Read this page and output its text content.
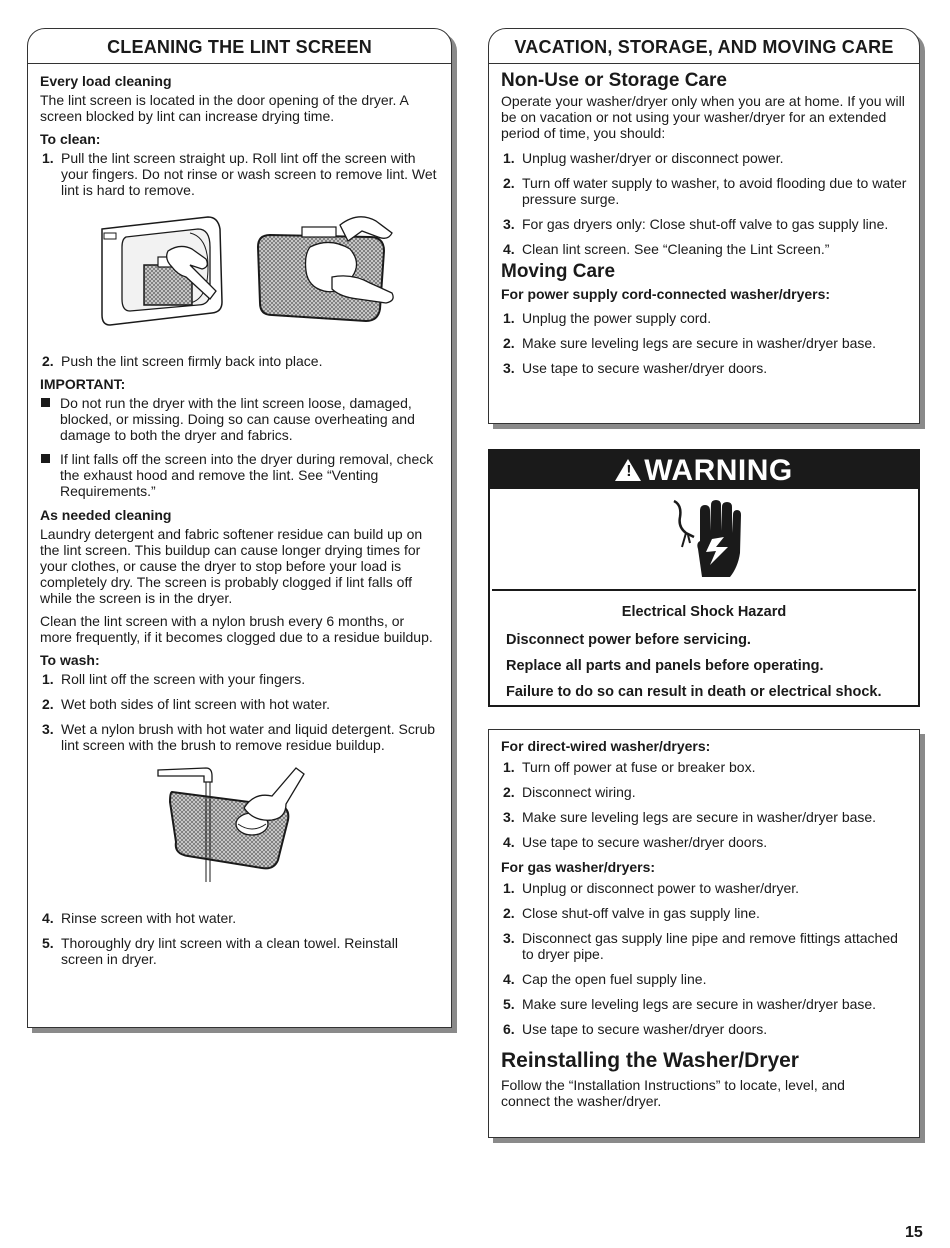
CLEANING THE LINT SCREEN
Every load cleaning

The lint screen is located in the door opening of the dryer. A screen blocked by lint can increase drying time.

To clean:
1. Pull the lint screen straight up. Roll lint off the screen with your fingers. Do not rinse or wash screen to remove lint. Wet lint is hard to remove.
2. Push the lint screen firmly back into place.
IMPORTANT:
Do not run the dryer with the lint screen loose, damaged, blocked, or missing. Doing so can cause overheating and damage to both the dryer and fabrics.
If lint falls off the screen into the dryer during removal, check the exhaust hood and remove the lint. See “Venting Requirements.”
As needed cleaning

Laundry detergent and fabric softener residue can build up on the lint screen. This buildup can cause longer drying times for your clothes, or cause the dryer to stop before your load is completely dry. The screen is probably clogged if lint falls off while the screen is in the dryer.

Clean the lint screen with a nylon brush every 6 months, or more frequently, if it becomes clogged due to a residue buildup.

To wash:
1. Roll lint off the screen with your fingers.
2. Wet both sides of lint screen with hot water.
3. Wet a nylon brush with hot water and liquid detergent. Scrub lint screen with the brush to remove residue buildup.
4. Rinse screen with hot water.
5. Thoroughly dry lint screen with a clean towel. Reinstall screen in dryer.
VACATION, STORAGE, AND MOVING CARE
Non-Use or Storage Care

Operate your washer/dryer only when you are at home. If you will be on vacation or not using your washer/dryer for an extended period of time, you should:

1. Unplug washer/dryer or disconnect power.
2. Turn off water supply to washer, to avoid flooding due to water pressure surge.
3. For gas dryers only: Close shut-off valve to gas supply line.
4. Clean lint screen. See “Cleaning the Lint Screen.”
Moving Care
For power supply cord-connected washer/dryers:
1. Unplug the power supply cord.
2. Make sure leveling legs are secure in washer/dryer base.
3. Use tape to secure washer/dryer doors.
! WARNING
Electrical Shock Hazard
Disconnect power before servicing.
Replace all parts and panels before operating.
Failure to do so can result in death or electrical shock.
For direct-wired washer/dryers:
1. Turn off power at fuse or breaker box.
2. Disconnect wiring.
3. Make sure leveling legs are secure in washer/dryer base.
4. Use tape to secure washer/dryer doors.
For gas washer/dryers:
1. Unplug or disconnect power to washer/dryer.
2. Close shut-off valve in gas supply line.
3. Disconnect gas supply line pipe and remove fittings attached to dryer pipe.
4. Cap the open fuel supply line.
5. Make sure leveling legs are secure in washer/dryer base.
6. Use tape to secure washer/dryer doors.
Reinstalling the Washer/Dryer

Follow the “Installation Instructions” to locate, level, and connect the washer/dryer.

15
